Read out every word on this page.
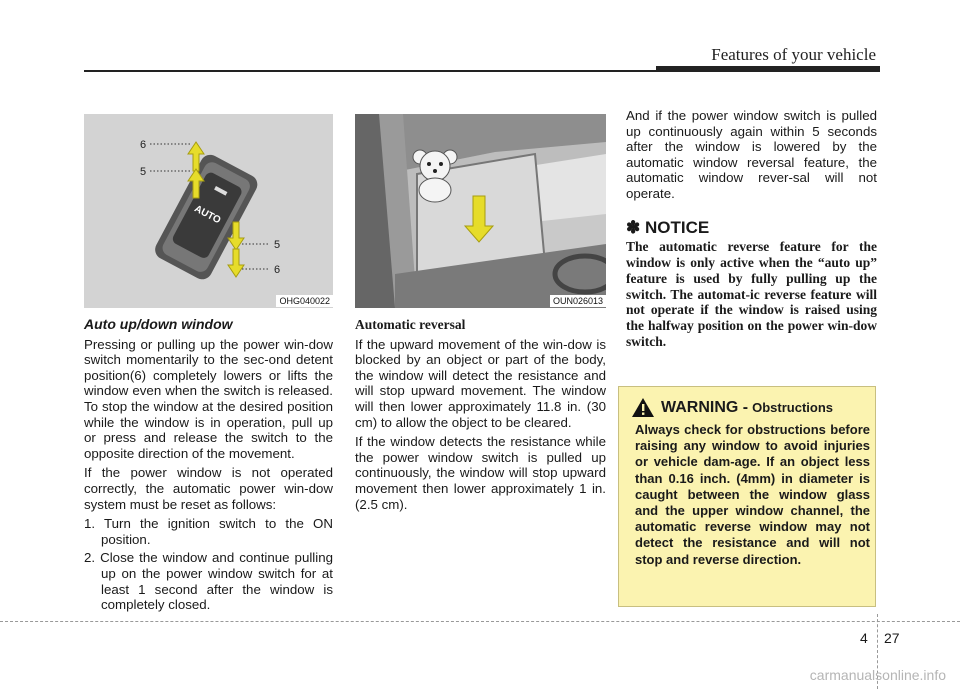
Features of your vehicle
AUTO
6
5
5
6
OHG040022	OUN026013
Auto up/down window

Pressing or pulling up the power win-dow switch momentarily to the sec-ond detent position(6) completely lowers or lifts the window even when the switch is released. To stop the window at the desired position while the window is in operation, pull up or press and release the switch to the opposite direction of the movement.

If the power window is not operated correctly, the automatic power win-dow system must be reset as follows:

1. Turn the ignition switch to the ON position.
2. Close the window and continue pulling up on the power window switch for at least 1 second after the window is completely closed.
Automatic reversal

If the upward movement of the win-dow is blocked by an object or part of the body, the window will detect the resistance and will stop upward movement. The window will then lower approximately 11.8 in. (30 cm) to allow the object to be cleared.

If the window detects the resistance while the power window switch is pulled up continuously, the window will stop upward movement then lower approximately 1 in. (2.5 cm).

And if the power window switch is pulled up continuously again within 5 seconds after the window is lowered by the automatic window reversal feature, the automatic window rever-sal will not operate.

✽ NOTICE
The automatic reverse feature for the window is only active when the “auto up” feature is used by fully pulling up the switch. The automat-ic reverse feature will not operate if the window is raised using the halfway position on the power win-dow switch.
WARNING - Obstructions
Always check for obstructions before raising any window to avoid injuries or vehicle dam-age. If an object less than 0.16 inch. (4mm) in diameter is caught between the window glass and the upper window channel, the automatic reverse window may not detect the resistance and will not stop and reverse direction.
4 27
carmanualsonline.info
